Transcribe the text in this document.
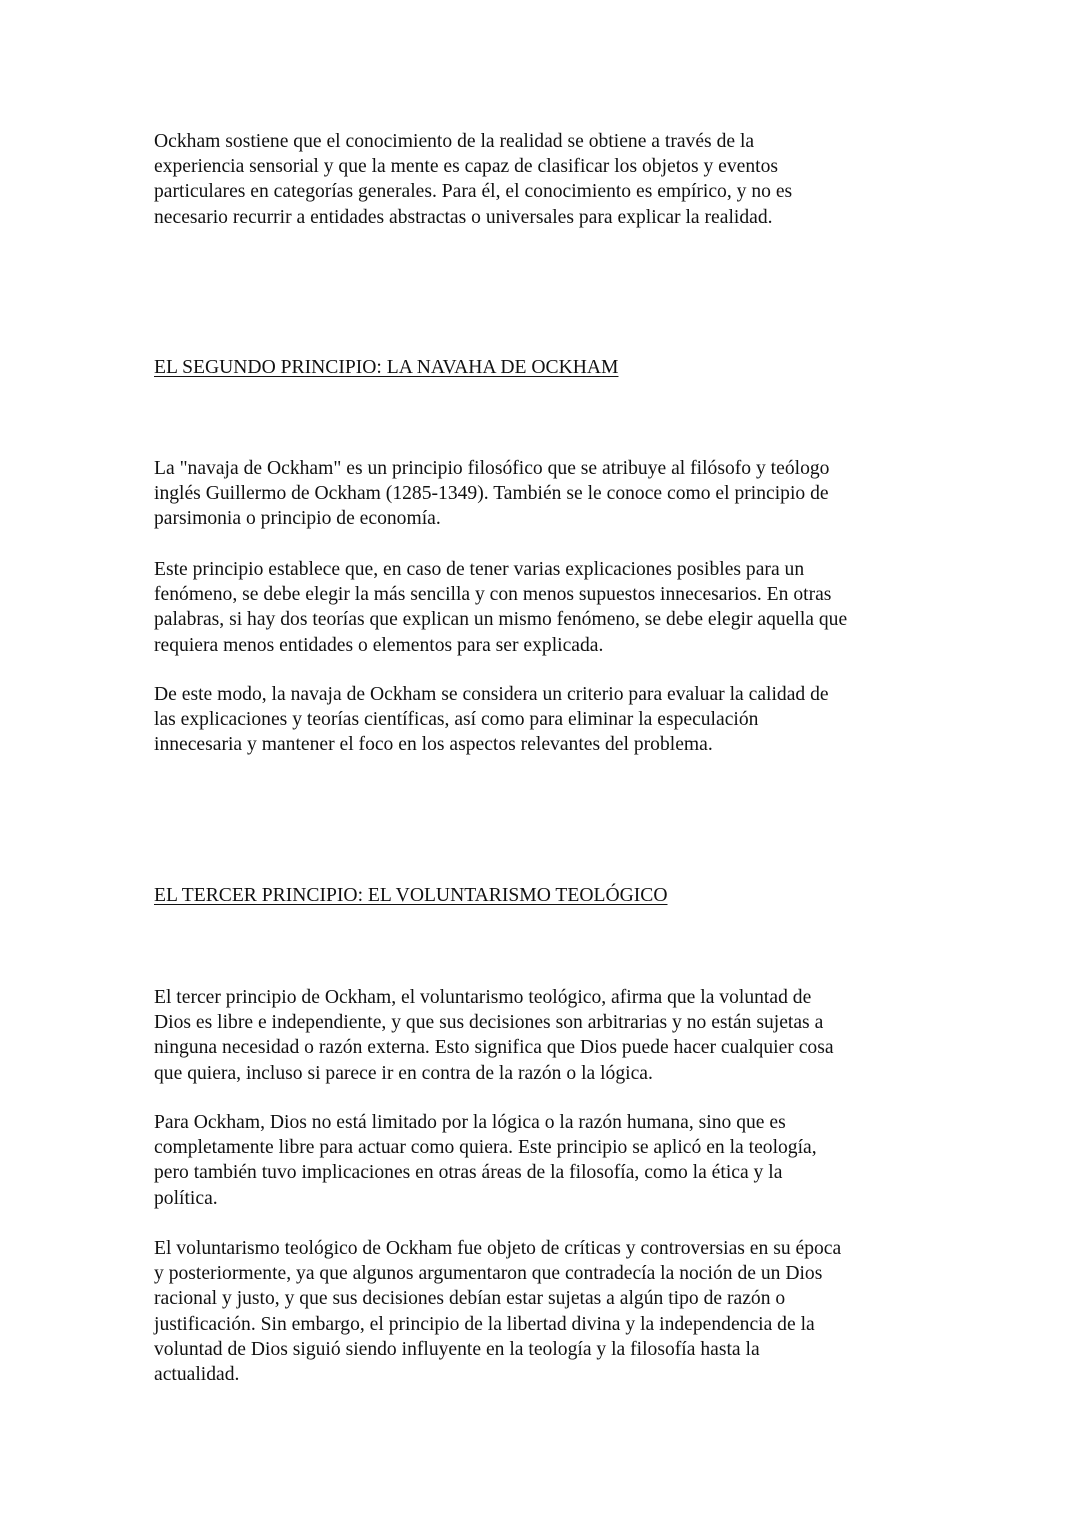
Ockham sostiene que el conocimiento de la realidad se obtiene a través de la
experiencia sensorial y que la mente es capaz de clasificar los objetos y eventos
particulares en categorías generales. Para él, el conocimiento es empírico, y no es
necesario recurrir a entidades abstractas o universales para explicar la realidad.

EL SEGUNDO PRINCIPIO: LA NAVAHA DE OCKHAM

La "navaja de Ockham" es un principio filosófico que se atribuye al filósofo y teólogo
inglés Guillermo de Ockham (1285-1349). También se le conoce como el principio de
parsimonia o principio de economía.

Este principio establece que, en caso de tener varias explicaciones posibles para un
fenómeno, se debe elegir la más sencilla y con menos supuestos innecesarios. En otras
palabras, si hay dos teorías que explican un mismo fenómeno, se debe elegir aquella que
requiera menos entidades o elementos para ser explicada.

De este modo, la navaja de Ockham se considera un criterio para evaluar la calidad de
las explicaciones y teorías científicas, así como para eliminar la especulación
innecesaria y mantener el foco en los aspectos relevantes del problema.

EL TERCER PRINCIPIO: EL VOLUNTARISMO TEOLÓGICO

El tercer principio de Ockham, el voluntarismo teológico, afirma que la voluntad de
Dios es libre e independiente, y que sus decisiones son arbitrarias y no están sujetas a
ninguna necesidad o razón externa. Esto significa que Dios puede hacer cualquier cosa
que quiera, incluso si parece ir en contra de la razón o la lógica.

Para Ockham, Dios no está limitado por la lógica o la razón humana, sino que es
completamente libre para actuar como quiera. Este principio se aplicó en la teología,
pero también tuvo implicaciones en otras áreas de la filosofía, como la ética y la
política.

El voluntarismo teológico de Ockham fue objeto de críticas y controversias en su época
y posteriormente, ya que algunos argumentaron que contradecía la noción de un Dios
racional y justo, y que sus decisiones debían estar sujetas a algún tipo de razón o
justificación. Sin embargo, el principio de la libertad divina y la independencia de la
voluntad de Dios siguió siendo influyente en la teología y la filosofía hasta la
actualidad.
